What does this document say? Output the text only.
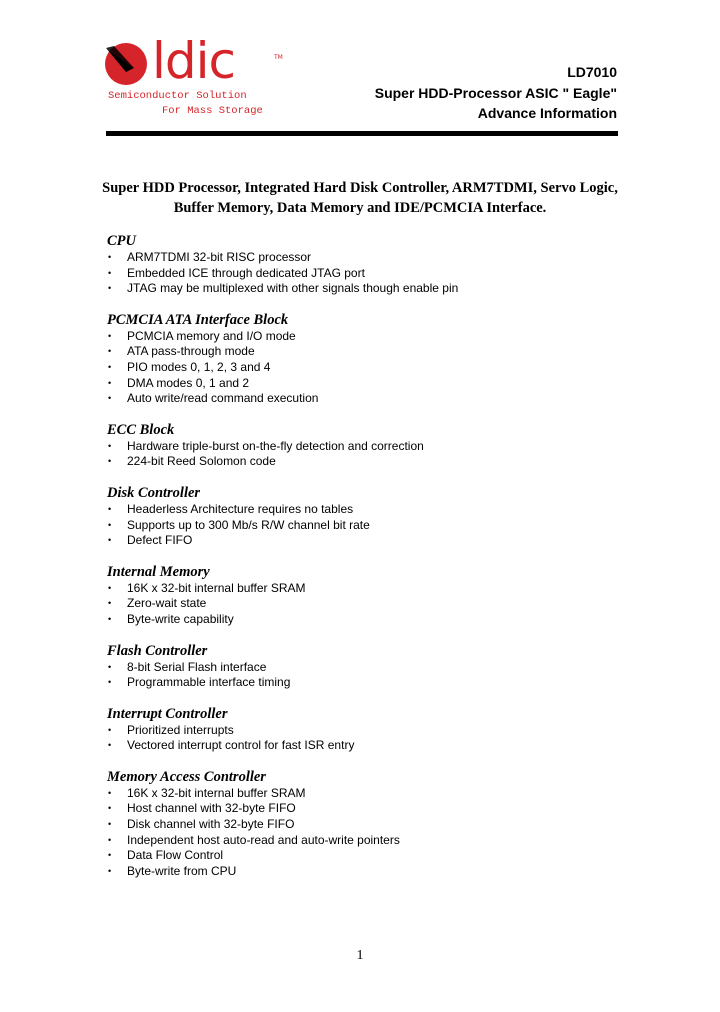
ldic	TM
Semiconductor Solution
For Mass Storage
LD7010
Super HDD-Processor ASIC " Eagle"
Advance Information
Super HDD Processor, Integrated Hard Disk Controller, ARM7TDMI, Servo Logic,
Buffer Memory, Data Memory and IDE/PCMCIA Interface.
CPU
• ARM7TDMI 32-bit RISC processor
• Embedded ICE through dedicated JTAG port
• JTAG may be multiplexed with other signals though enable pin
PCMCIA ATA Interface Block
• PCMCIA memory and I/O mode
• ATA pass-through mode
• PIO modes 0, 1, 2, 3 and 4
• DMA modes 0, 1 and 2
• Auto write/read command execution
ECC Block
• Hardware triple-burst on-the-fly detection and correction
• 224-bit Reed Solomon code
Disk Controller
• Headerless Architecture requires no tables
• Supports up to 300 Mb/s R/W channel bit rate
• Defect FIFO
Internal Memory
• 16K x 32-bit internal buffer SRAM
• Zero-wait state
• Byte-write capability
Flash Controller
• 8-bit Serial Flash interface
• Programmable interface timing
Interrupt Controller
• Prioritized interrupts
• Vectored interrupt control for fast ISR entry
Memory Access Controller
• 16K x 32-bit internal buffer SRAM
• Host channel with 32-byte FIFO
• Disk channel with 32-byte FIFO
• Independent host auto-read and auto-write pointers
• Data Flow Control
• Byte-write from CPU
1
